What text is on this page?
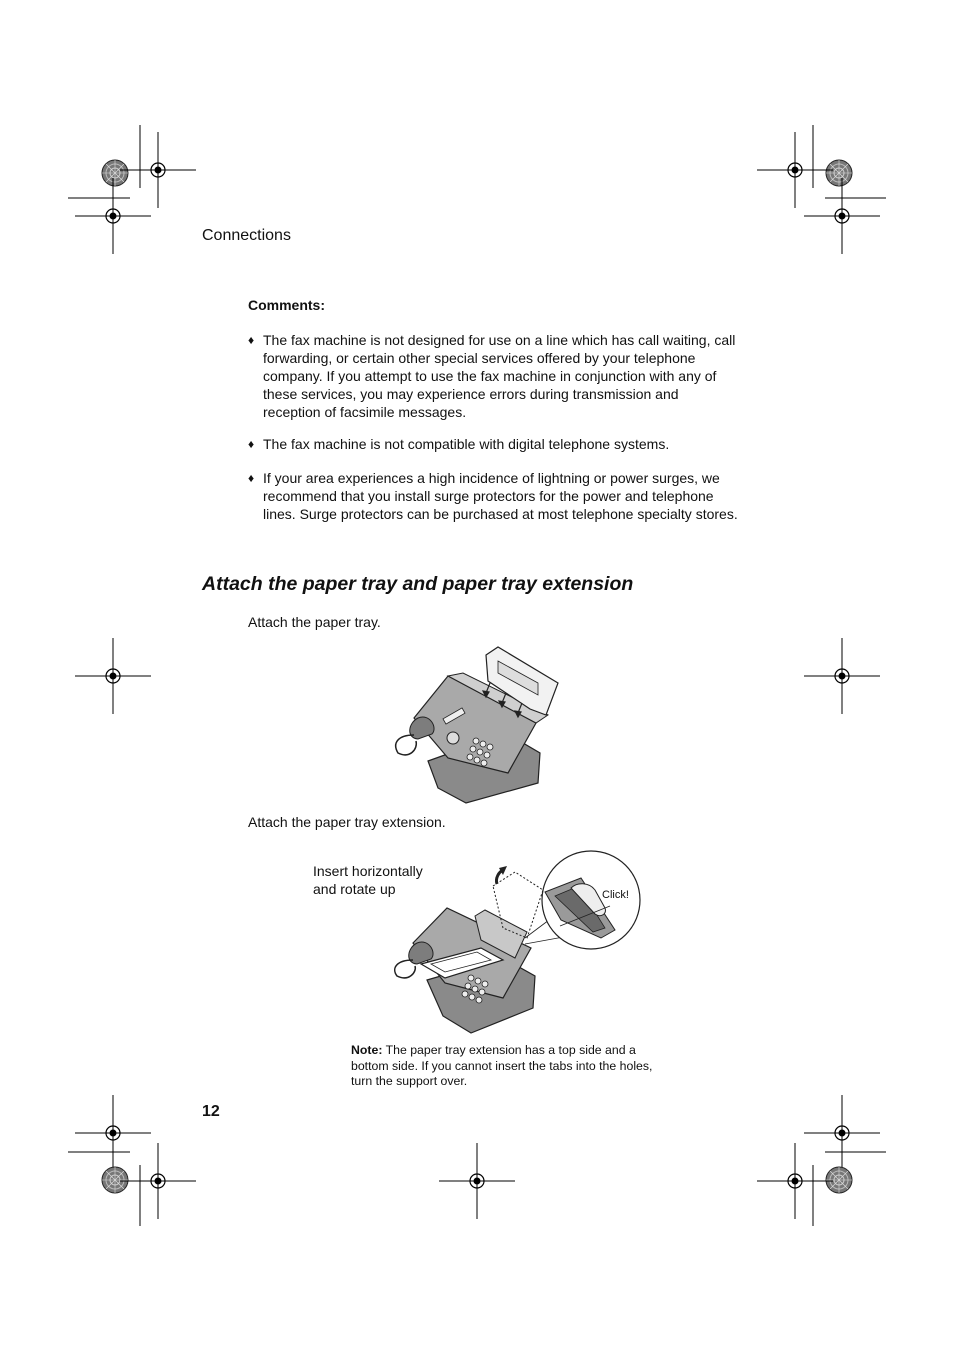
Connections
Comments:
♦ The fax machine is not designed for use on a line which has call waiting, call forwarding, or certain other special services offered by your telephone company. If you attempt to use the fax machine in conjunction with any of these services, you may experience errors during transmission and reception of facsimile messages.
♦ The fax machine is not compatible with digital telephone systems.
♦ If your area experiences a high incidence of lightning or power surges, we recommend that you install surge protectors for the power and telephone lines. Surge protectors can be purchased at most telephone specialty stores.
Attach the paper tray and paper tray extension
Attach the paper tray.
Attach the paper tray extension.
Insert horizontally
and rotate up	Click!
Note: The paper tray extension has a top side and a bottom side. If you cannot insert the tabs into the holes, turn the support over.
12
